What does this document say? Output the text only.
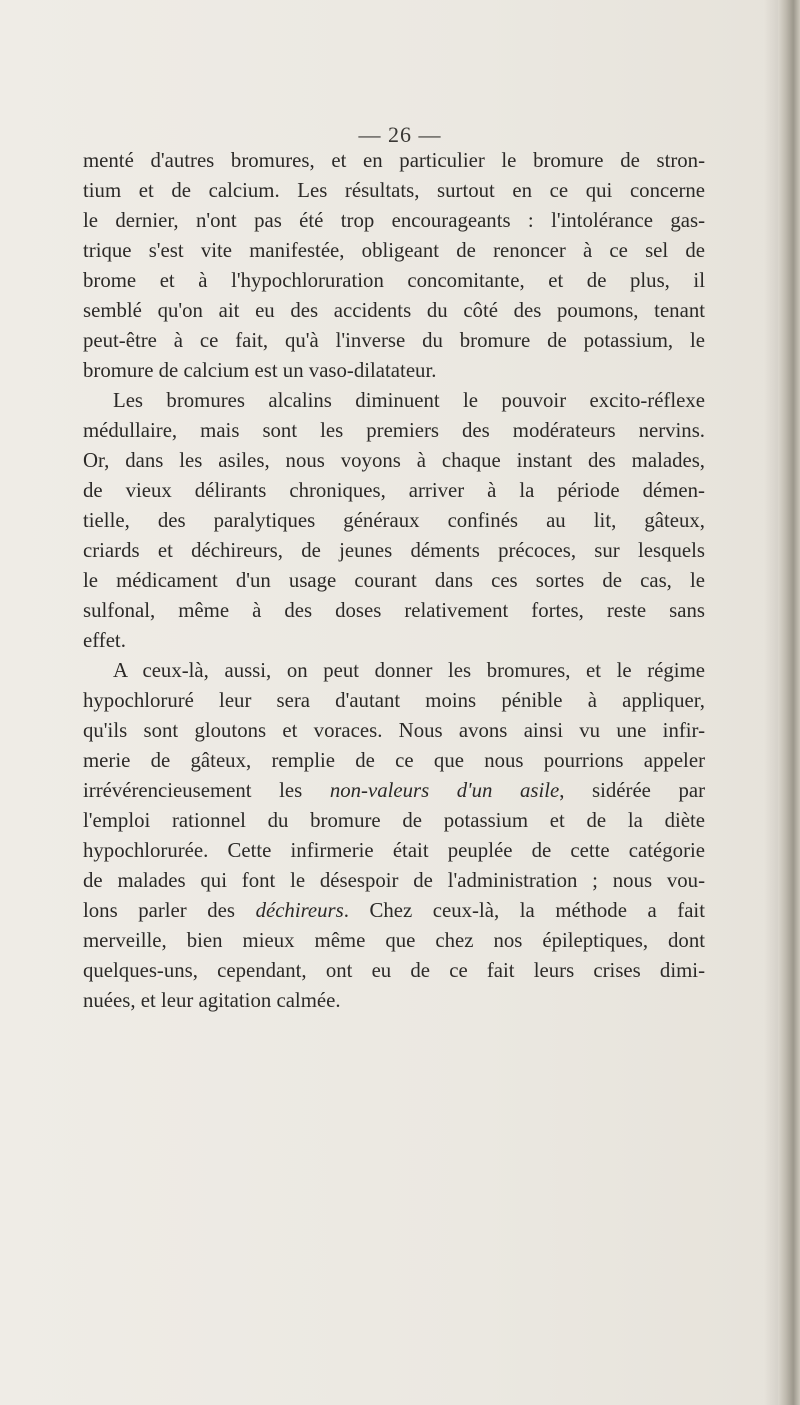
— 26 —
menté d'autres bromures, et en particulier le bromure de stron-
tium et de calcium. Les résultats, surtout en ce qui concerne
le dernier, n'ont pas été trop encourageants : l'intolérance gas-
trique s'est vite manifestée, obligeant de renoncer à ce sel de
brome et à l'hypochloruration concomitante, et de plus, il
semblé qu'on ait eu des accidents du côté des poumons, tenant
peut-être à ce fait, qu'à l'inverse du bromure de potassium, le
bromure de calcium est un vaso-dilatateur.
Les bromures alcalins diminuent le pouvoir excito-réflexe
médullaire, mais sont les premiers des modérateurs nervins.
Or, dans les asiles, nous voyons à chaque instant des malades,
de vieux délirants chroniques, arriver à la période démen-
tielle, des paralytiques généraux confinés au lit, gâteux,
criards et déchireurs, de jeunes déments précoces, sur lesquels
le médicament d'un usage courant dans ces sortes de cas, le
sulfonal, même à des doses relativement fortes, reste sans
effet.
A ceux-là, aussi, on peut donner les bromures, et le régime
hypochloruré leur sera d'autant moins pénible à appliquer,
qu'ils sont gloutons et voraces. Nous avons ainsi vu une infir-
merie de gâteux, remplie de ce que nous pourrions appeler
irrévérencieusement les non-valeurs d'un asile, sidérée par
l'emploi rationnel du bromure de potassium et de la diète
hypochlorurée. Cette infirmerie était peuplée de cette catégorie
de malades qui font le désespoir de l'administration ; nous vou-
lons parler des déchireurs. Chez ceux-là, la méthode a fait
merveille, bien mieux même que chez nos épileptiques, dont
quelques-uns, cependant, ont eu de ce fait leurs crises dimi-
nuées, et leur agitation calmée.
